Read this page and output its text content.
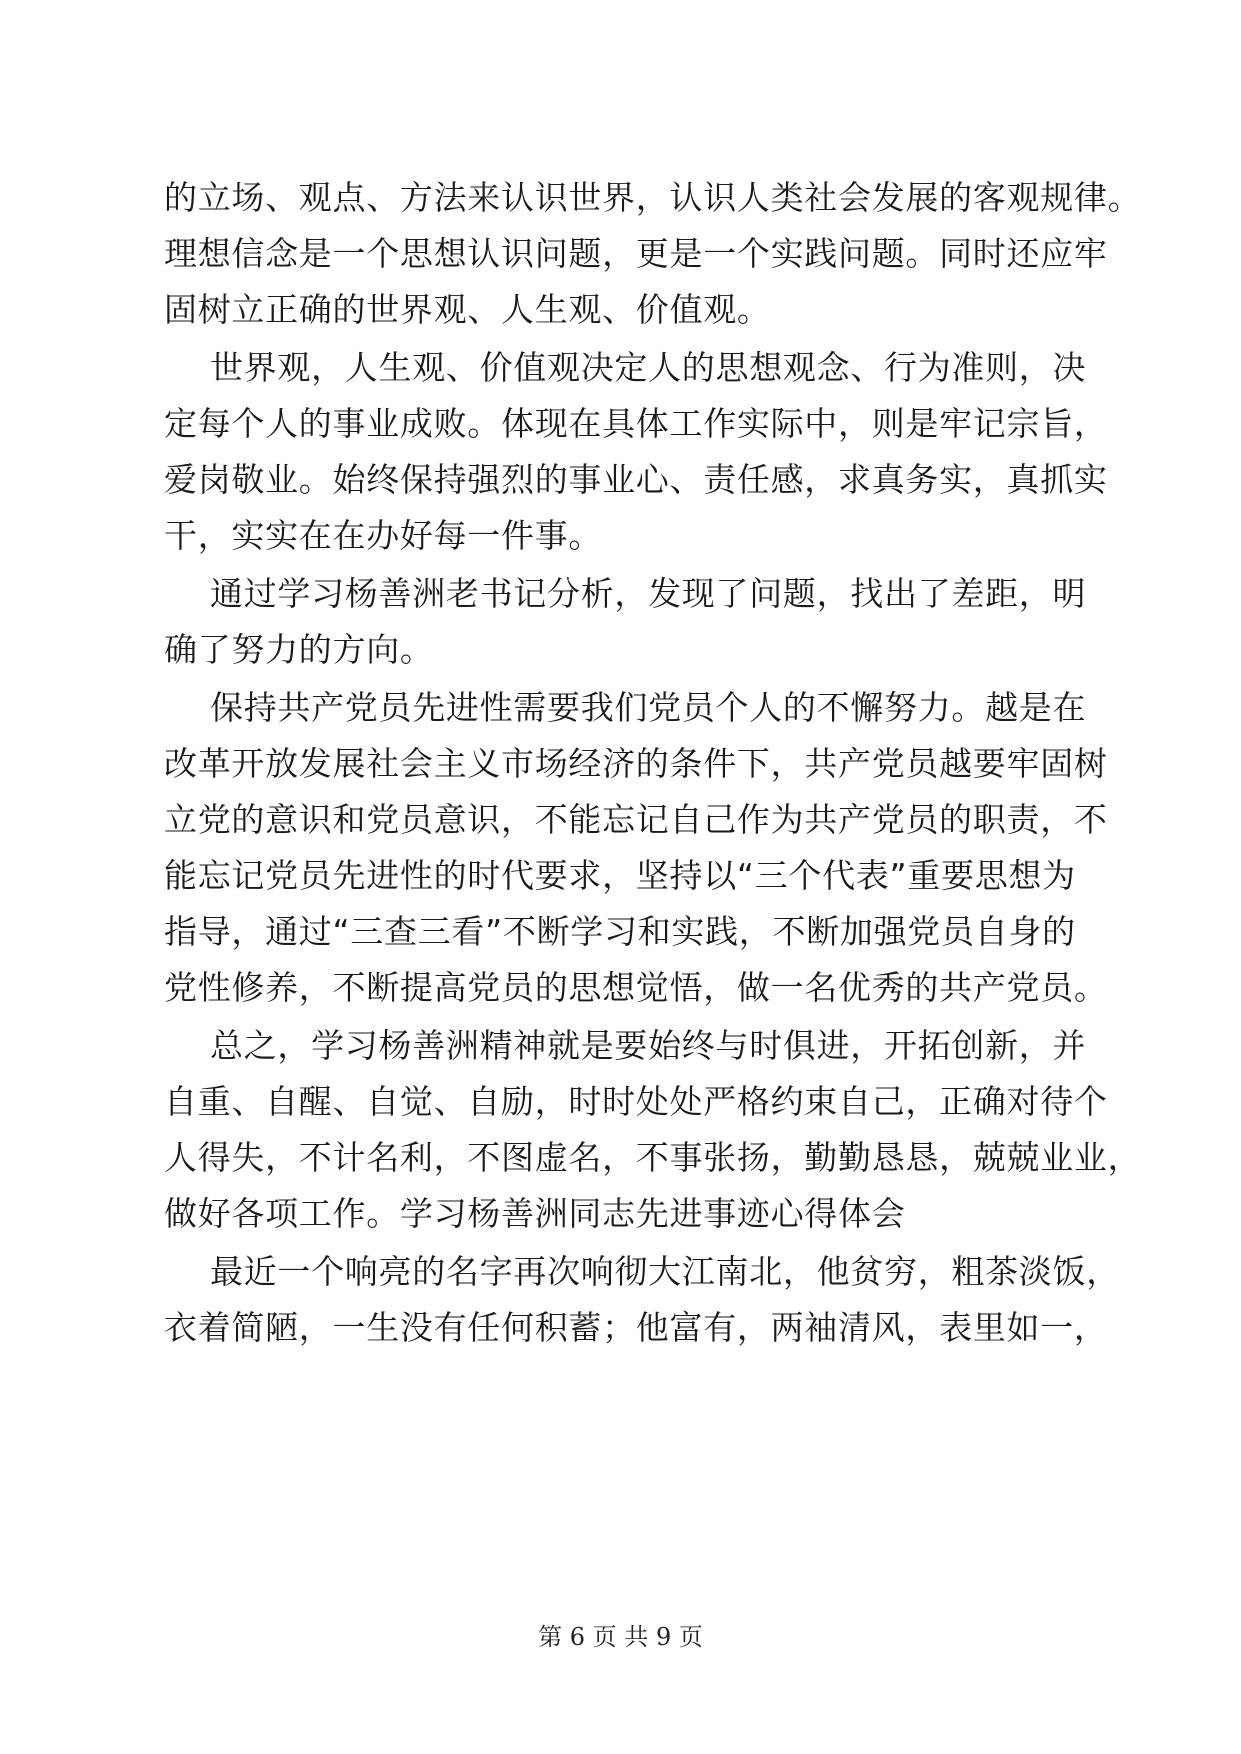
的立场、观点、方法来认识世界，认识人类社会发展的客观规律。
理想信念是一个思想认识问题，更是一个实践问题。同时还应牢
固树立正确的世界观、人生观、价值观。
世界观，人生观、价值观决定人的思想观念、行为准则，决
定每个人的事业成败。体现在具体工作实际中，则是牢记宗旨，
爱岗敬业。始终保持强烈的事业心、责任感，求真务实，真抓实
干，实实在在办好每一件事。
通过学习杨善洲老书记分析，发现了问题，找出了差距，明
确了努力的方向。
保持共产党员先进性需要我们党员个人的不懈努力。越是在
改革开放发展社会主义市场经济的条件下，共产党员越要牢固树
立党的意识和党员意识，不能忘记自己作为共产党员的职责，不
能忘记党员先进性的时代要求，坚持以“三个代表”重要思想为
指导，通过“三查三看”不断学习和实践，不断加强党员自身的
党性修养，不断提高党员的思想觉悟，做一名优秀的共产党员。
总之，学习杨善洲精神就是要始终与时俱进，开拓创新，并
自重、自醒、自觉、自励，时时处处严格约束自己，正确对待个
人得失，不计名利，不图虚名，不事张扬，勤勤恳恳，兢兢业业，
做好各项工作。学习杨善洲同志先进事迹心得体会
最近一个响亮的名字再次响彻大江南北，他贫穷，粗茶淡饭，
衣着简陋，一生没有任何积蓄；他富有，两袖清风，表里如一，
第 6 页 共 9 页
